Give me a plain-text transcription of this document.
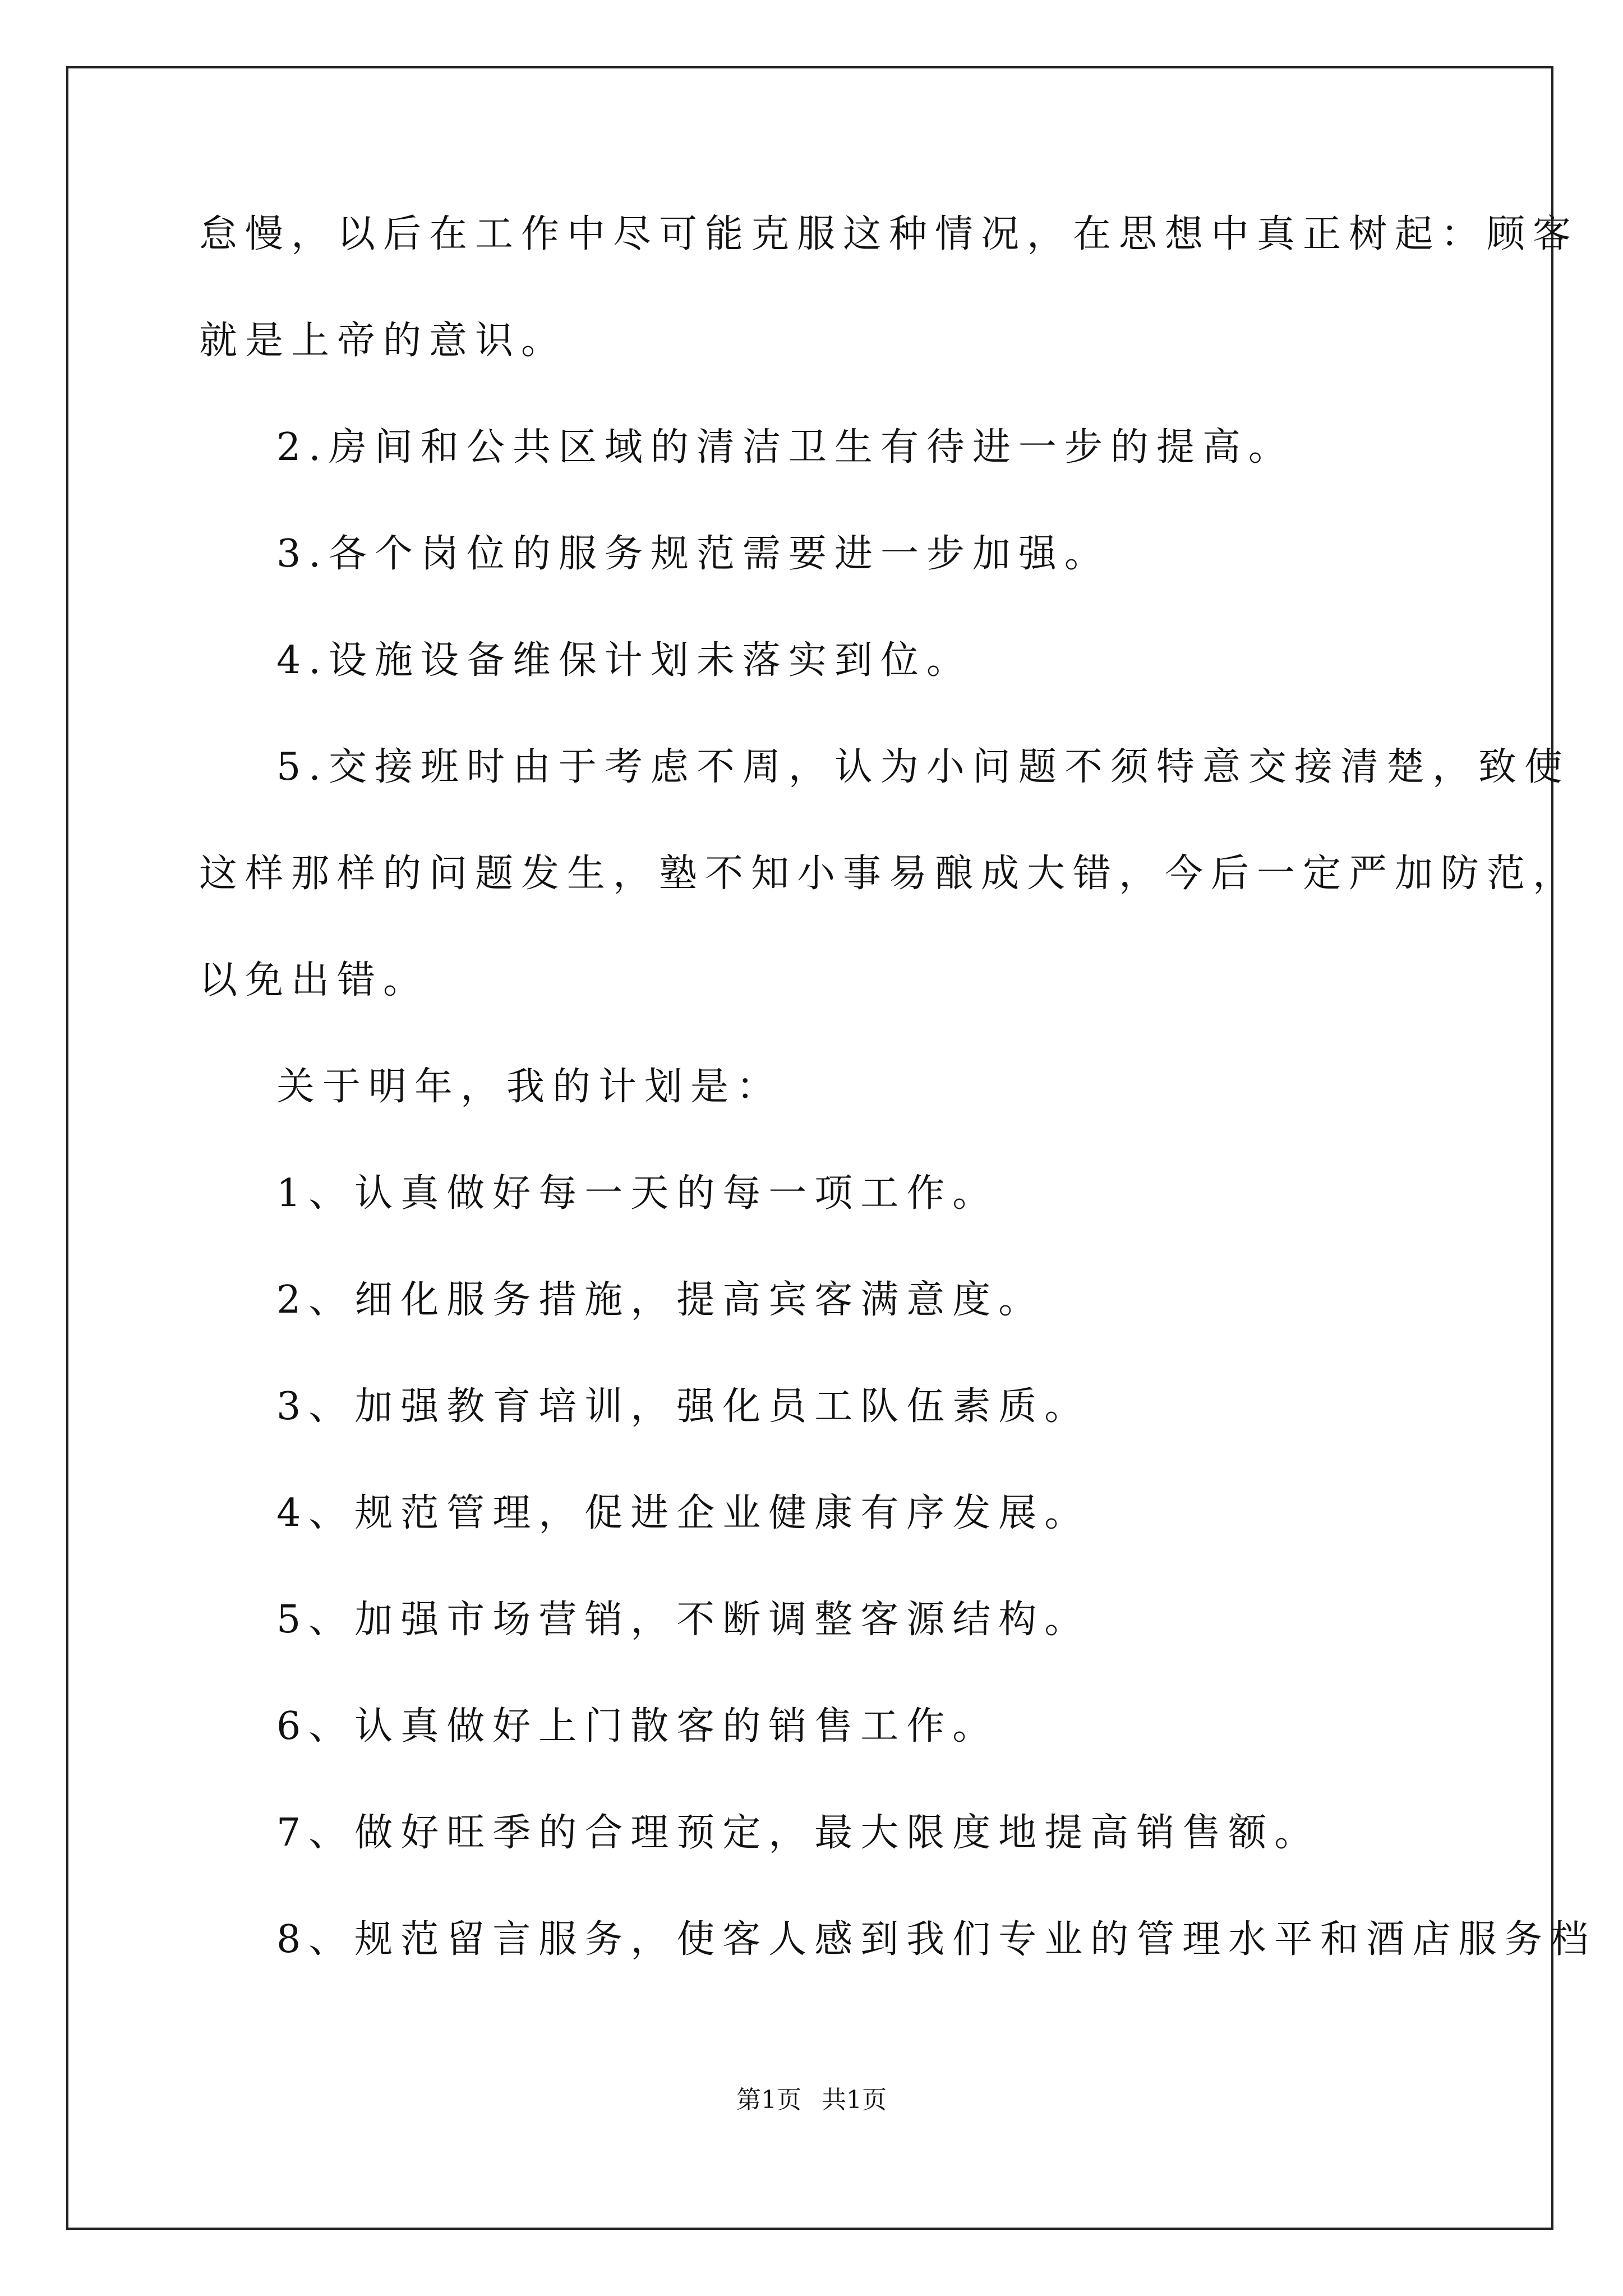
怠慢，以后在工作中尽可能克服这种情况，在思想中真正树起：顾客
就是上帝的意识。
2.房间和公共区域的清洁卫生有待进一步的提高。
3.各个岗位的服务规范需要进一步加强。
4.设施设备维保计划未落实到位。
5.交接班时由于考虑不周，认为小问题不须特意交接清楚，致使
这样那样的问题发生，塾不知小事易酿成大错，今后一定严加防范，
以免出错。
关于明年，我的计划是：
1、认真做好每一天的每一项工作。
2、细化服务措施，提高宾客满意度。
3、加强教育培训，强化员工队伍素质。
4、规范管理，促进企业健康有序发展。
5、加强市场营销，不断调整客源结构。
6、认真做好上门散客的销售工作。
7、做好旺季的合理预定，最大限度地提高销售额。
8、规范留言服务，使客人感到我们专业的管理水平和酒店服务档
第1页 共1页
